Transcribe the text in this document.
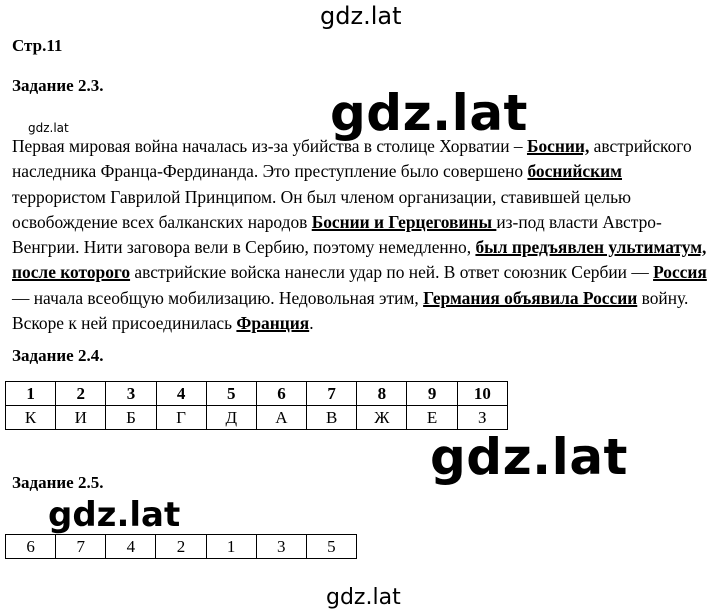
gdz.lat
gdz.lat	gdz.lat
gdz.lat
gdz.lat
gdz.lat
Стр.11
Задание 2.3.
Первая мировая война началась из-за убийства в столице Хорватии – Боснии, австрийского наследника Франца-Фердинанда. Это преступление было совершено боснийским террористом Гаврилой Принципом. Он был членом организации, ставившей целью освобождение всех балканских народов Боснии и Герцеговины из-под власти Австро-Венгрии. Нити заговора вели в Сербию, поэтому немедленно, был предъявлен ультиматум, после которого австрийские войска нанесли удар по ней. В ответ союзник Сербии — Россия — начала всеобщую мобилизацию. Недовольная этим, Германия объявила России войну. Вскоре к ней присоединилась Франция.
Задание 2.4.
1	2	3	4	5	6	7	8	9	10
К	И	Б	Г	Д	А	В	Ж	Е	З
Задание 2.5.
6	7	4	2	1	3	5
